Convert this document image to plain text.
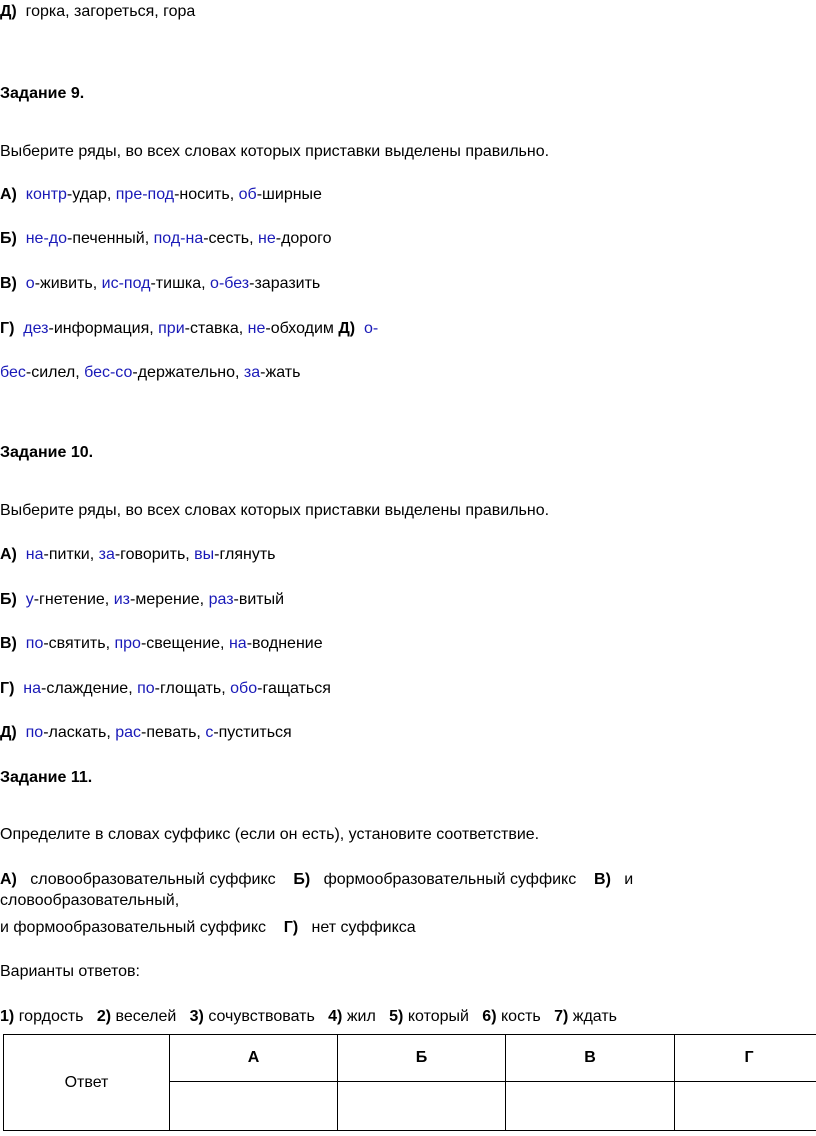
Д) горка, загореться, гора
Задание 9.
Выберите ряды, во всех словах которых приставки выделены правильно.
А) контр-удар, пре-под-носить, об-ширные
Б) не-до-печенный, под-на-сесть, не-дорого
В) о-живить, ис-под-тишка, о-без-заразить
Г) дез-информация, при-ставка, не-обходим Д) о-
бес-силел, бес-со-держательно, за-жать
Задание 10.
Выберите ряды, во всех словах которых приставки выделены правильно.
А) на-питки, за-говорить, вы-глянуть
Б) у-гнетение, из-мерение, раз-витый
В) по-святить, про-свещение, на-воднение
Г) на-слаждение, по-глощать, обо-гащаться
Д) по-ласкать, рас-певать, с-пуститься
Задание 11.
Определите в словах суффикс (если он есть), установите соответствие.
А) словообразовательный суффикс Б) формообразовательный суффикс В) и
словообразовательный,
и формообразовательный суффикс Г) нет суффикса
Варианты ответов:
1) гордость 2) веселей 3) сочувствовать 4) жил 5) который 6) кость 7) ждать
Ответ	А	Б	В	Г
